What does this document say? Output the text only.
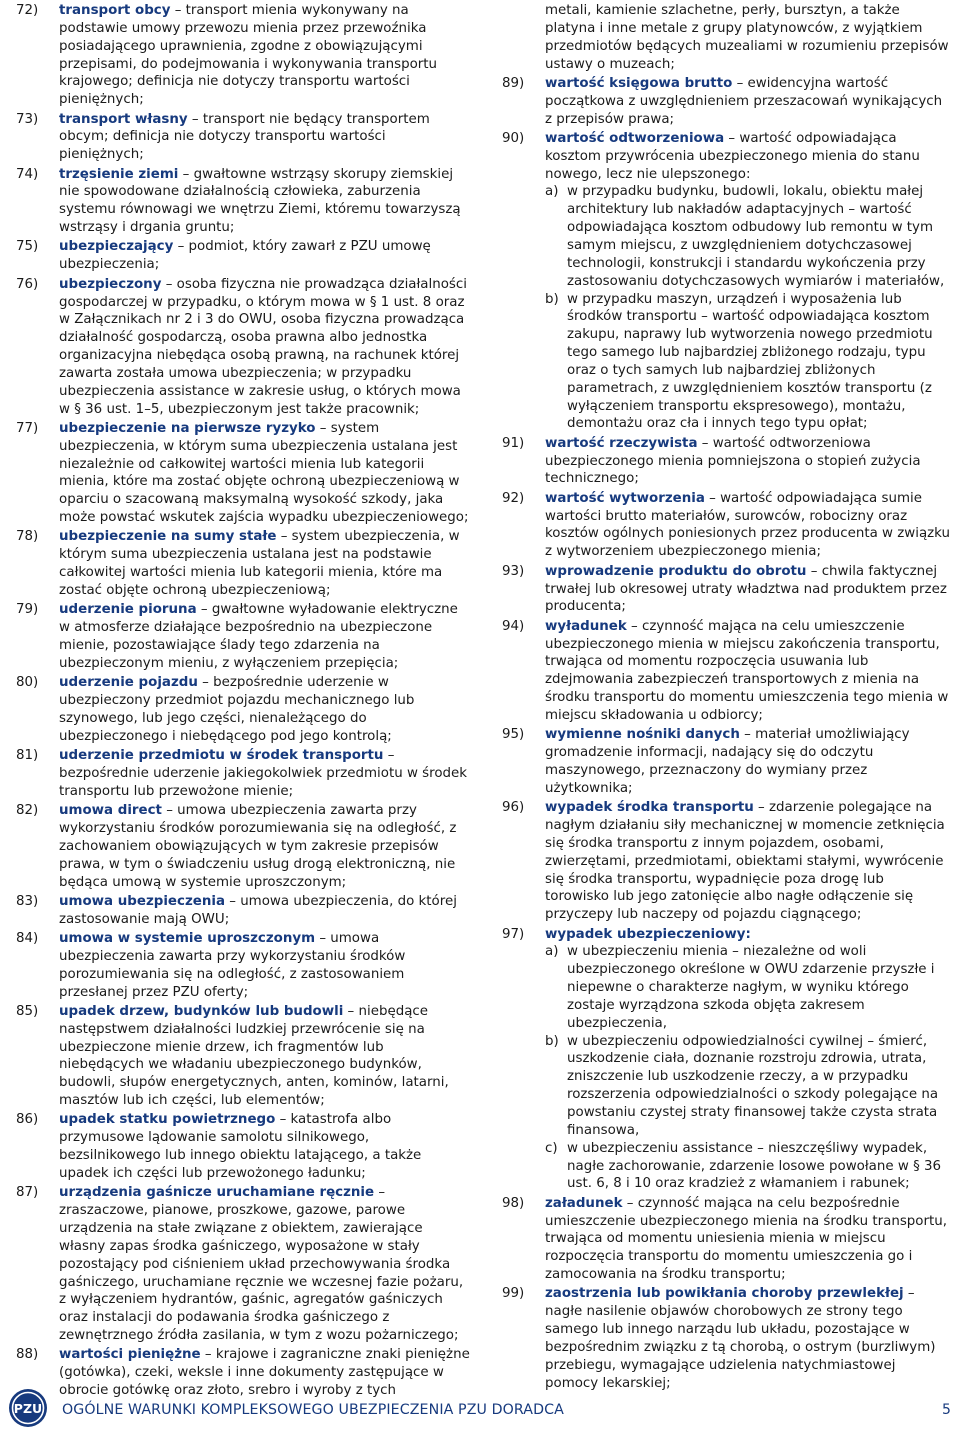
72)	transport obcy – transport mienia wykonywany na podstawie umowy przewozu mienia przez przewoźnika posiadającego uprawnienia, zgodne z obowiązującymi przepisami, do podejmowania i wykonywania transportu krajowego; definicja nie dotyczy transportu wartości pieniężnych;
73)	transport własny – transport nie będący transportem obcym; definicja nie dotyczy transportu wartości pieniężnych;
74)	trzęsienie ziemi – gwałtowne wstrząsy skorupy ziemskiej nie spowodowane działalnością człowieka, zaburzenia systemu równowagi we wnętrzu Ziemi, któremu towarzyszą wstrząsy i drgania gruntu;
75)	ubezpieczający – podmiot, który zawarł z PZU umowę ubezpieczenia;
76)	ubezpieczony – osoba fizyczna nie prowadząca działalności gospodarczej w przypadku, o którym mowa w § 1 ust. 8 oraz w Załącznikach nr 2 i 3 do OWU, osoba fizyczna prowadząca działalność gospodarczą, osoba prawna albo jednostka organizacyjna niebędąca osobą prawną, na rachunek której zawarta została umowa ubezpieczenia; w przypadku ubezpieczenia assistance w zakresie usług, o których mowa w § 36 ust. 1–5, ubezpieczonym jest także pracownik;
77)	ubezpieczenie na pierwsze ryzyko – system ubezpieczenia, w którym suma ubezpieczenia ustalana jest niezależnie od całkowitej wartości mienia lub kategorii mienia, które ma zostać objęte ochroną ubezpieczeniową w oparciu o szacowaną maksymalną wysokość szkody, jaka może powstać wskutek zajścia wypadku ubezpieczeniowego;
78)	ubezpieczenie na sumy stałe – system ubezpieczenia, w którym suma ubezpieczenia ustalana jest na podstawie całkowitej wartości mienia lub kategorii mienia, które ma zostać objęte ochroną ubezpieczeniową;
79)	uderzenie pioruna – gwałtowne wyładowanie elektryczne w atmosferze działające bezpośrednio na ubezpieczone mienie, pozostawiające ślady tego zdarzenia na ubezpieczonym mieniu, z wyłączeniem przepięcia;
80)	uderzenie pojazdu – bezpośrednie uderzenie w ubezpieczony przedmiot pojazdu mechanicznego lub szynowego, lub jego części, nienależącego do ubezpieczonego i niebędącego pod jego kontrolą;
81)	uderzenie przedmiotu w środek transportu – bezpośrednie uderzenie jakiegokolwiek przedmiotu w środek transportu lub przewożone mienie;
82)	umowa direct – umowa ubezpieczenia zawarta przy wykorzystaniu środków porozumiewania się na odległość, z zachowaniem obowiązujących w tym zakresie przepisów prawa, w tym o świadczeniu usług drogą elektroniczną, nie będąca umową w systemie uproszczonym;
83)	umowa ubezpieczenia – umowa ubezpieczenia, do której zastosowanie mają OWU;
84)	umowa w systemie uproszczonym – umowa ubezpieczenia zawarta przy wykorzystaniu środków porozumiewania się na odległość, z zastosowaniem przesłanej przez PZU oferty;
85)	upadek drzew, budynków lub budowli – niebędące następstwem działalności ludzkiej przewrócenie się na ubezpieczone mienie drzew, ich fragmentów lub niebędących we władaniu ubezpieczonego budynków, budowli, słupów energetycznych, anten, kominów, latarni, masztów lub ich części, lub elementów;
86)	upadek statku powietrznego – katastrofa albo przymusowe lądowanie samolotu silnikowego, bezsilnikowego lub innego obiektu latającego, a także upadek ich części lub przewożonego ładunku;
87)	urządzenia gaśnicze uruchamiane ręcznie – zraszaczowe, pianowe, proszkowe, gazowe, parowe urządzenia na stałe związane z obiektem, zawierające własny zapas środka gaśniczego, wyposażone w stały pozostający pod ciśnieniem układ przechowywania środka gaśniczego, uruchamiane ręcznie we wczesnej fazie pożaru, z wyłączeniem hydrantów, gaśnic, agregatów gaśniczych oraz instalacji do podawania środka gaśniczego z zewnętrznego źródła zasilania, w tym z wozu pożarniczego;
88)	wartości pieniężne – krajowe i zagraniczne znaki pieniężne (gotówka), czeki, weksle i inne dokumenty zastępujące w obrocie gotówkę oraz złoto, srebro i wyroby z tych
metali, kamienie szlachetne, perły, bursztyn, a także platyna i inne metale z grupy platynowców, z wyjątkiem przedmiotów będących muzealiami w rozumieniu przepisów ustawy o muzeach;
89)	wartość księgowa brutto – ewidencyjna wartość początkowa z uwzględnieniem przeszacowań wynikających z przepisów prawa;
90)	wartość odtworzeniowa – wartość odpowiadająca kosztom przywrócenia ubezpieczonego mienia do stanu nowego, lecz nie ulepszonego:
a) w przypadku budynku, budowli, lokalu, obiektu małej architektury lub nakładów adaptacyjnych – wartość odpowiadająca kosztom odbudowy lub remontu w tym samym miejscu, z uwzględnieniem dotychczasowej technologii, konstrukcji i standardu wykończenia przy zastosowaniu dotychczasowych wymiarów i materiałów,
b) w przypadku maszyn, urządzeń i wyposażenia lub środków transportu – wartość odpowiadająca kosztom zakupu, naprawy lub wytworzenia nowego przedmiotu tego samego lub najbardziej zbliżonego rodzaju, typu oraz o tych samych lub najbardziej zbliżonych parametrach, z uwzględnieniem kosztów transportu (z wyłączeniem transportu ekspresowego), montażu, demontażu oraz cła i innych tego typu opłat;
91)	wartość rzeczywista – wartość odtworzeniowa ubezpieczonego mienia pomniejszona o stopień zużycia technicznego;
92)	wartość wytworzenia – wartość odpowiadająca sumie wartości brutto materiałów, surowców, robocizny oraz kosztów ogólnych poniesionych przez producenta w związku z wytworzeniem ubezpieczonego mienia;
93)	wprowadzenie produktu do obrotu – chwila faktycznej trwałej lub okresowej utraty władztwa nad produktem przez producenta;
94)	wyładunek – czynność mająca na celu umieszczenie ubezpieczonego mienia w miejscu zakończenia transportu, trwająca od momentu rozpoczęcia usuwania lub zdejmowania zabezpieczeń transportowych z mienia na środku transportu do momentu umieszczenia tego mienia w miejscu składowania u odbiorcy;
95)	wymienne nośniki danych – materiał umożliwiający gromadzenie informacji, nadający się do odczytu maszynowego, przeznaczony do wymiany przez użytkownika;
96)	wypadek środka transportu – zdarzenie polegające na nagłym działaniu siły mechanicznej w momencie zetknięcia się środka transportu z innym pojazdem, osobami, zwierzętami, przedmiotami, obiektami stałymi, wywrócenie się środka transportu, wypadnięcie poza drogę lub torowisko lub jego zatonięcie albo nagłe odłączenie się przyczepy lub naczepy od pojazdu ciągnącego;
97)	wypadek ubezpieczeniowy:
a) w ubezpieczeniu mienia – niezależne od woli ubezpieczonego określone w OWU zdarzenie przyszłe i niepewne o charakterze nagłym, w wyniku którego zostaje wyrządzona szkoda objęta zakresem ubezpieczenia,
b) w ubezpieczeniu odpowiedzialności cywilnej – śmierć, uszkodzenie ciała, doznanie rozstroju zdrowia, utrata, zniszczenie lub uszkodzenie rzeczy, a w przypadku rozszerzenia odpowiedzialności o szkody polegające na powstaniu czystej straty finansowej także czysta strata finansowa,
c) w ubezpieczeniu assistance – nieszczęśliwy wypadek, nagłe zachorowanie, zdarzenie losowe powołane w § 36 ust. 6, 8 i 10 oraz kradzież z włamaniem i rabunek;
98)	załadunek – czynność mająca na celu bezpośrednie umieszczenie ubezpieczonego mienia na środku transportu, trwająca od momentu uniesienia mienia w miejscu rozpoczęcia transportu do momentu umieszczenia go i zamocowania na środku transportu;
99)	zaostrzenia lub powikłania choroby przewlekłej – nagłe nasilenie objawów chorobowych ze strony tego samego lub innego narządu lub układu, pozostające w bezpośrednim związku z tą chorobą, o ostrym (burzliwym) przebiegu, wymagające udzielenia natychmiastowej pomocy lekarskiej;
PZU OGÓLNE WARUNKI KOMPLEKSOWEGO UBEZPIECZENIA PZU DORADCA	5
